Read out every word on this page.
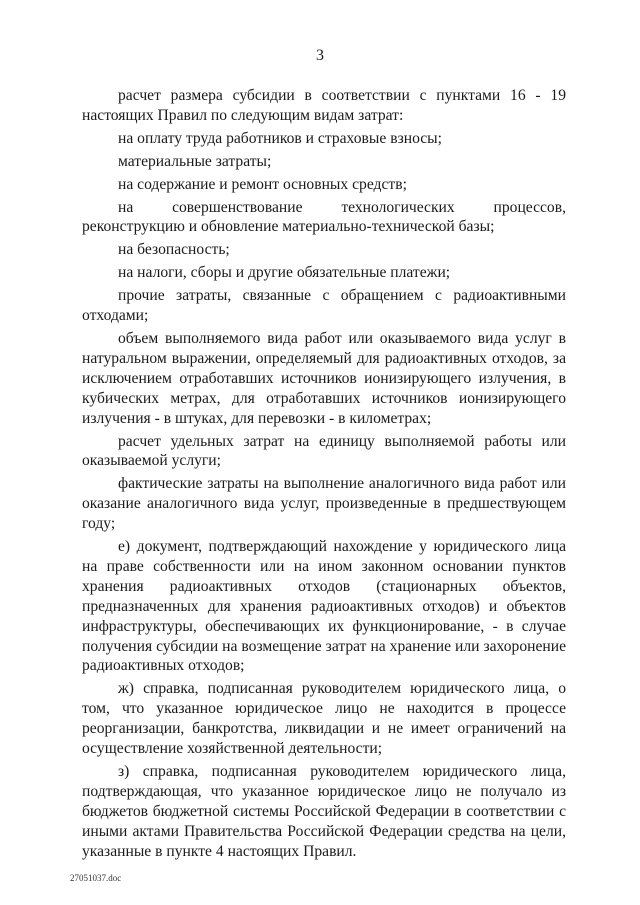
3

расчет размера субсидии в соответствии с пунктами 16 - 19 настоящих Правил по следующим видам затрат:

на оплату труда работников и страховые взносы;

материальные затраты;

на содержание и ремонт основных средств;

на совершенствование технологических процессов, реконструкцию и обновление материально-технической базы;

на безопасность;

на налоги, сборы и другие обязательные платежи;

прочие затраты, связанные с обращением с радиоактивными отходами;

объем выполняемого вида работ или оказываемого вида услуг в натуральном выражении, определяемый для радиоактивных отходов, за исключением отработавших источников ионизирующего излучения, в кубических метрах, для отработавших источников ионизирующего излучения - в штуках, для перевозки - в километрах;

расчет удельных затрат на единицу выполняемой работы или оказываемой услуги;

фактические затраты на выполнение аналогичного вида работ или оказание аналогичного вида услуг, произведенные в предшествующем году;

е) документ, подтверждающий нахождение у юридического лица на праве собственности или на ином законном основании пунктов хранения радиоактивных отходов (стационарных объектов, предназначенных для хранения радиоактивных отходов) и объектов инфраструктуры, обеспечивающих их функционирование, - в случае получения субсидии на возмещение затрат на хранение или захоронение радиоактивных отходов;

ж) справка, подписанная руководителем юридического лица, о том, что указанное юридическое лицо не находится в процессе реорганизации, банкротства, ликвидации и не имеет ограничений на осуществление хозяйственной деятельности;

з) справка, подписанная руководителем юридического лица, подтверждающая, что указанное юридическое лицо не получало из бюджетов бюджетной системы Российской Федерации в соответствии с иными актами Правительства Российской Федерации средства на цели, указанные в пункте 4 настоящих Правил.

27051037.doc
